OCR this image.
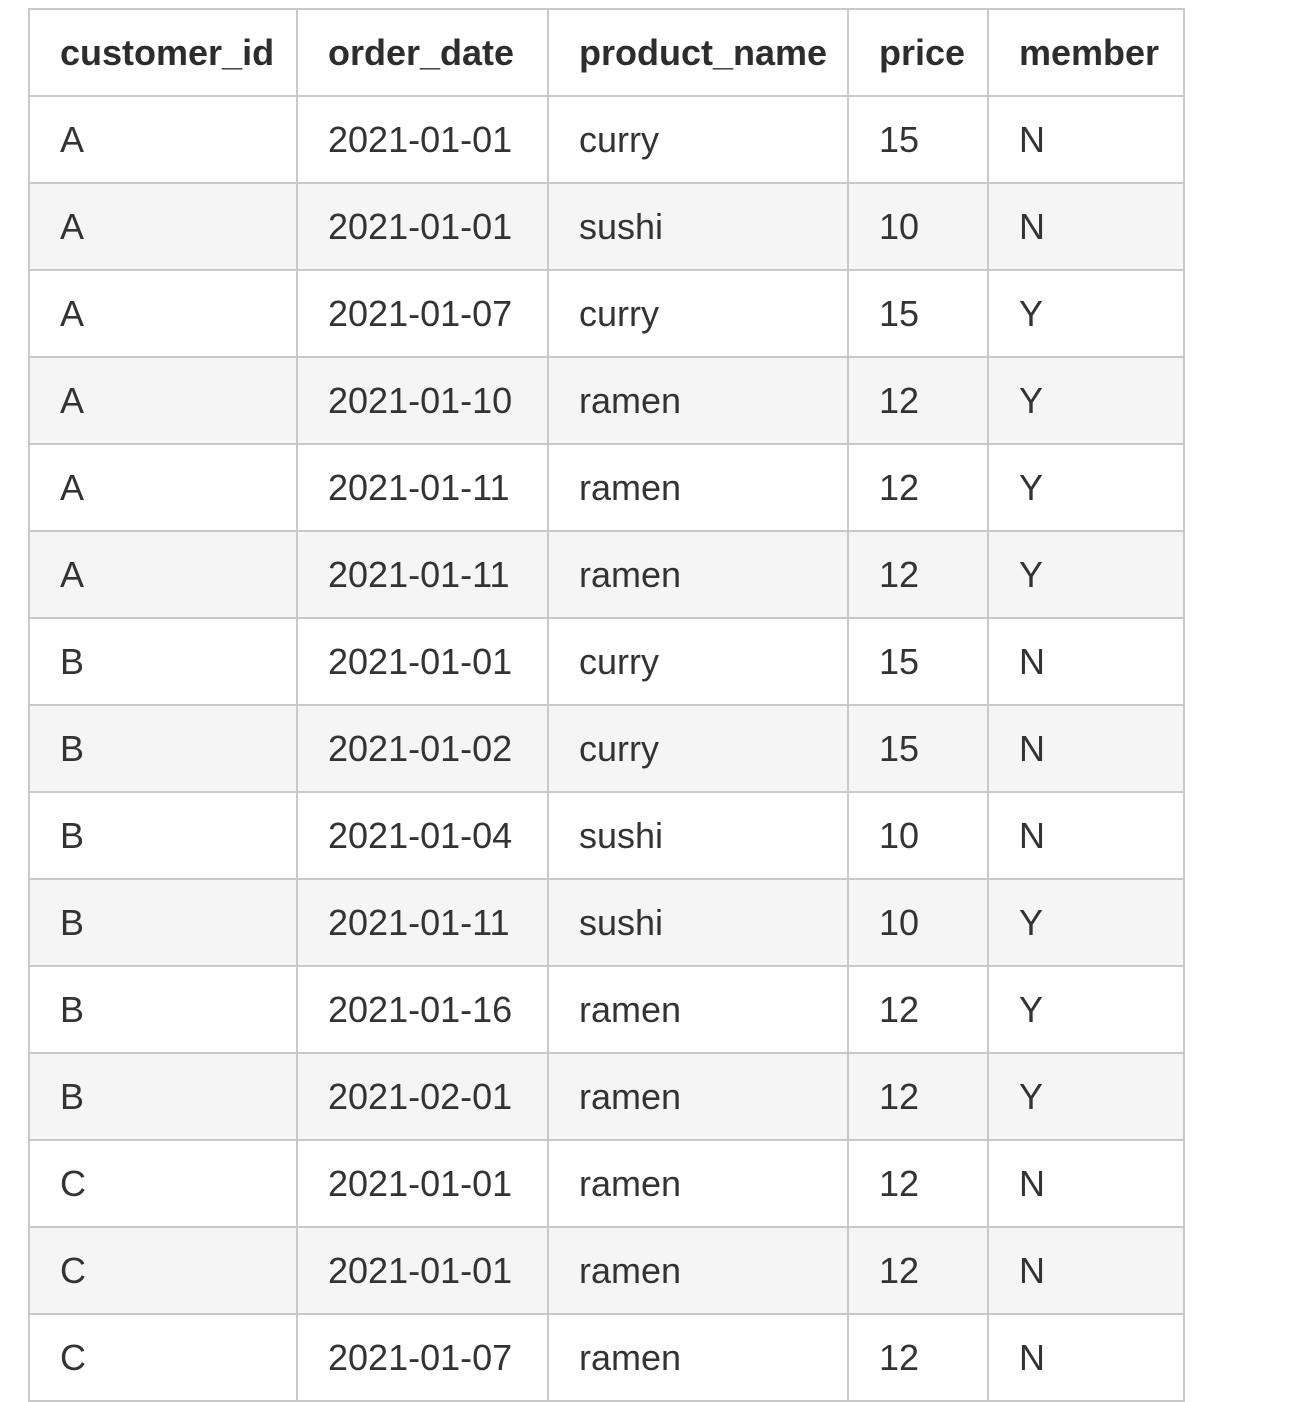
customer_id	order_date	product_name	price	member
A	2021-01-01	curry	15	N
A	2021-01-01	sushi	10	N
A	2021-01-07	curry	15	Y
A	2021-01-10	ramen	12	Y
A	2021-01-11	ramen	12	Y
A	2021-01-11	ramen	12	Y
B	2021-01-01	curry	15	N
B	2021-01-02	curry	15	N
B	2021-01-04	sushi	10	N
B	2021-01-11	sushi	10	Y
B	2021-01-16	ramen	12	Y
B	2021-02-01	ramen	12	Y
C	2021-01-01	ramen	12	N
C	2021-01-01	ramen	12	N
C	2021-01-07	ramen	12	N
